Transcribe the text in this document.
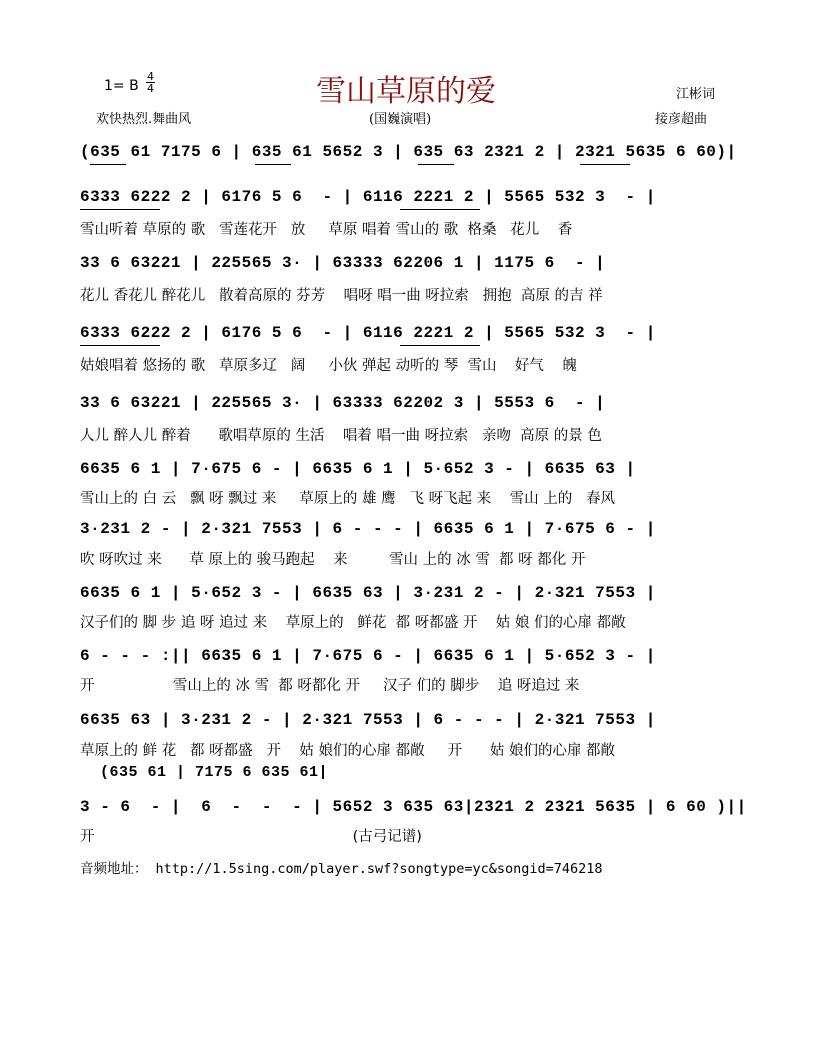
1= B
4
4	雪山草原的爱	江彬词
欢快热烈.舞曲风	(国巍演唱)	接彦超曲
(635 61 7175 6 | 635 61 5652 3 | 635 63 2321 2 | 2321 5635 6 60)|
6333 6222 2 | 6176 5 6  - | 6116 2221 2 | 5565 532 3  - |
雪山听着 草原的 歌   雪莲花开   放     草原 唱着 雪山的 歌  格桑   花儿    香
33 6 63221 | 225565 3· | 63333 62206 1 | 1175 6  - |
花儿 香花儿 醉花儿   散着高原的 芬芳    唱呀 唱一曲 呀拉索   拥抱  高原 的吉 祥
6333 6222 2 | 6176 5 6  - | 6116 2221 2 | 5565 532 3  - |
姑娘唱着 悠扬的 歌   草原多辽   阔     小伙 弹起 动听的 琴  雪山    好气    魄
33 6 63221 | 225565 3· | 63333 62202 3 | 5553 6  - |
人儿 醉人儿 醉着      歌唱草原的 生活    唱着 唱一曲 呀拉索   亲吻  高原 的景 色
6635 6 1 | 7·675 6 - | 6635 6 1 | 5·652 3 - | 6635 63 |
雪山上的 白 云   飘 呀 飘过 来     草原上的 雄 鹰   飞 呀飞起 来    雪山 上的   春风
3·231 2 - | 2·321 7553 | 6 - - - | 6635 6 1 | 7·675 6 - |
吹 呀吹过 来      草 原上的 骏马跑起    来         雪山 上的 冰 雪  都 呀 都化 开
6635 6 1 | 5·652 3 - | 6635 63 | 3·231 2 - | 2·321 7553 |
汉子们的 脚 步 追 呀 追过 来    草原上的   鲜花  都 呀都盛 开    姑 娘 们的心扉 都敞
6 - - - :|| 6635 6 1 | 7·675 6 - | 6635 6 1 | 5·652 3 - |
开                 雪山上的 冰 雪  都 呀都化 开     汉子 们的 脚步    追 呀追过 来
6635 63 | 3·231 2 - | 2·321 7553 | 6 - - - | 2·321 7553 |
草原上的 鲜 花   都 呀都盛   开    姑 娘们的心扉 都敞     开      姑 娘们的心扉 都敞
(635 61 | 7175 6 635 61|
3 - 6  - |  6  -  -  - | 5652 3 635 63|2321 2 2321 5635 | 6 60 )||
开                                                        (古弓记谱)
音频地址： http://1.5sing.com/player.swf?songtype=yc&songid=746218
